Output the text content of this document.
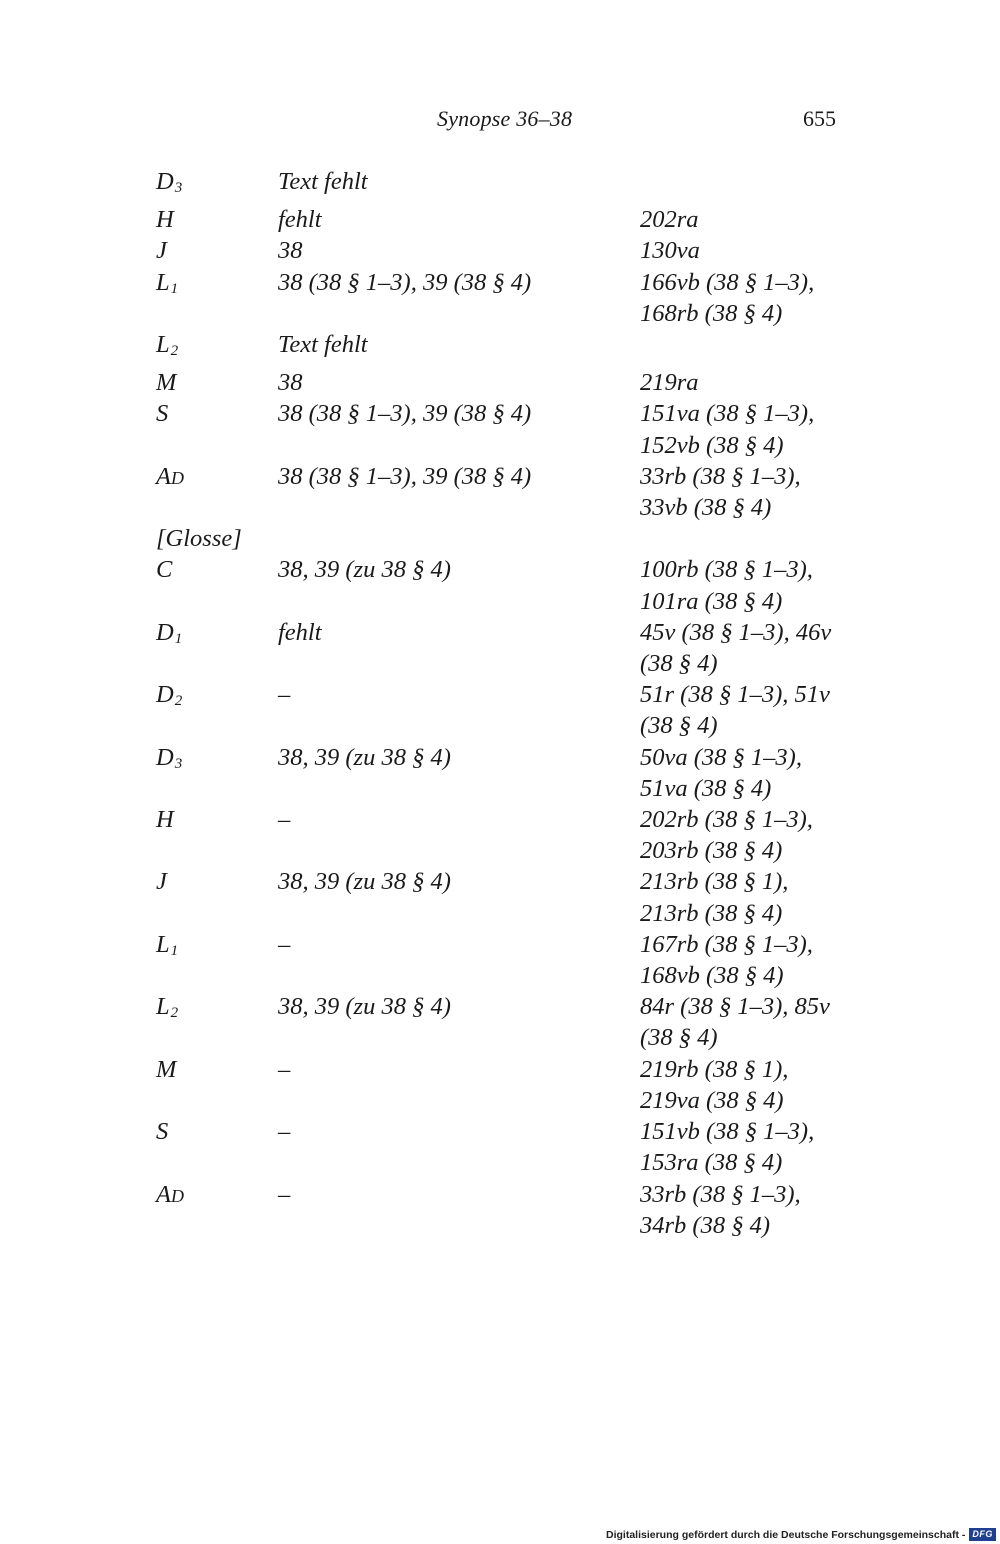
Synopse 36–38	655
$D_3$	Text fehlt
H	fehlt	202ra
J	38	130va
$L_1$	38 (38 § 1–3), 39 (38 § 4)	166vb (38 § 1–3),
168rb (38 § 4)
$L_2$	Text fehlt
M	38	219ra
S	38 (38 § 1–3), 39 (38 § 4)	151va (38 § 1–3),
152vb (38 § 4)
AD	38 (38 § 1–3), 39 (38 § 4)	33rb (38 § 1–3),
33vb (38 § 4)
[Glosse]
C	38, 39 (zu 38 § 4)	100rb (38 § 1–3),
101ra (38 § 4)
$D_1$	fehlt	45v (38 § 1–3), 46v
(38 § 4)
$D_2$	–	51r (38 § 1–3), 51v
(38 § 4)
$D_3$	38, 39 (zu 38 § 4)	50va (38 § 1–3),
51va (38 § 4)
H	–	202rb (38 § 1–3),
203rb (38 § 4)
J	38, 39 (zu 38 § 4)	213rb (38 § 1),
213rb (38 § 4)
$L_1$	–	167rb (38 § 1–3),
168vb (38 § 4)
$L_2$	38, 39 (zu 38 § 4)	84r (38 § 1–3), 85v
(38 § 4)
M	–	219rb (38 § 1),
219va (38 § 4)
S	–	151vb (38 § 1–3),
153ra (38 § 4)
AD	–	33rb (38 § 1–3),
34rb (38 § 4)
Digitalisierung gefördert durch die Deutsche Forschungsgemeinschaft - DFG
